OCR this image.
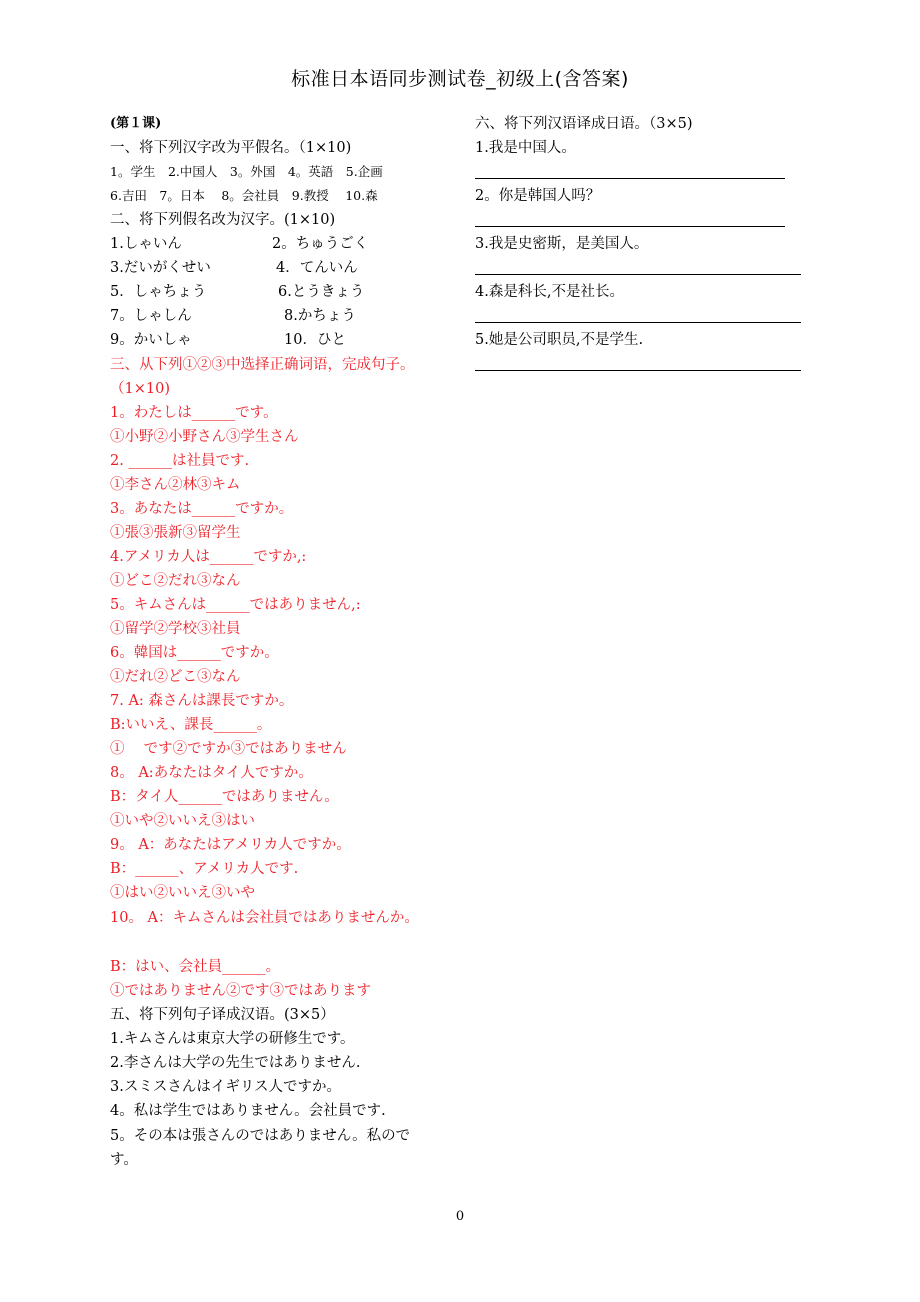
标准日本语同步测试卷_初级上(含答案)
(第１课)
一、将下列汉字改为平假名。（1×10)
1。学生　2.中国人　3。外国　4。英語　5.企画
6.吉田　7。日本　 8。会社員　9.教授　 10.森
二、将下列假名改为汉字。(1×10)
1.しゃいん	2。ちゅうごく
3.だいがくせい	4．てんいん
5．しゃちょう	6.とうきょう
7。しゃしん	8.かちょう
9。かいしゃ	10．ひと
三、从下列①②③中选择正确词语，完成句子。
（1×10)
1。わたしは______です。
①小野②小野さん③学生さん
2. ______は社員です.
①李さん②林③キム
3。あなたは______ですか。
①張③張新③留学生
4.アメリカ人は______ですか,:
①どこ②だれ③なん
5。キムさんは______ではありません,:
①留学②学校③社員
6。韓国は______ですか。
①だれ②どこ③なん
7. A: 森さんは課長ですか。
B:いいえ、課長______。
①　 です②ですか③ではありません
8。 A:あなたはタイ人ですか。
B：タイ人______ではありません。
①いや②いいえ③はい
9。 A：あなたはアメリカ人ですか。
B：______、アメリカ人です.
①はい②いいえ③いや
10。 A：キムさんは会社員ではありませんか。
B：はい、会社員______。
①ではありません②です③ではあります
五、将下列句子译成汉语。(3×5）
1.キムさんは東京大学の研修生です。
2.李さんは大学の先生ではありません.
3.スミスさんはイギリス人ですか。
4。私は学生ではありません。会社員です.
5。その本は張さんのではありません。私ので
す。
六、将下列汉语译成日语。（3×5)
1.我是中国人。
2。你是韩国人吗？
3.我是史密斯，是美国人。
4.森是科长,不是社长。
5.她是公司职员,不是学生.
0
